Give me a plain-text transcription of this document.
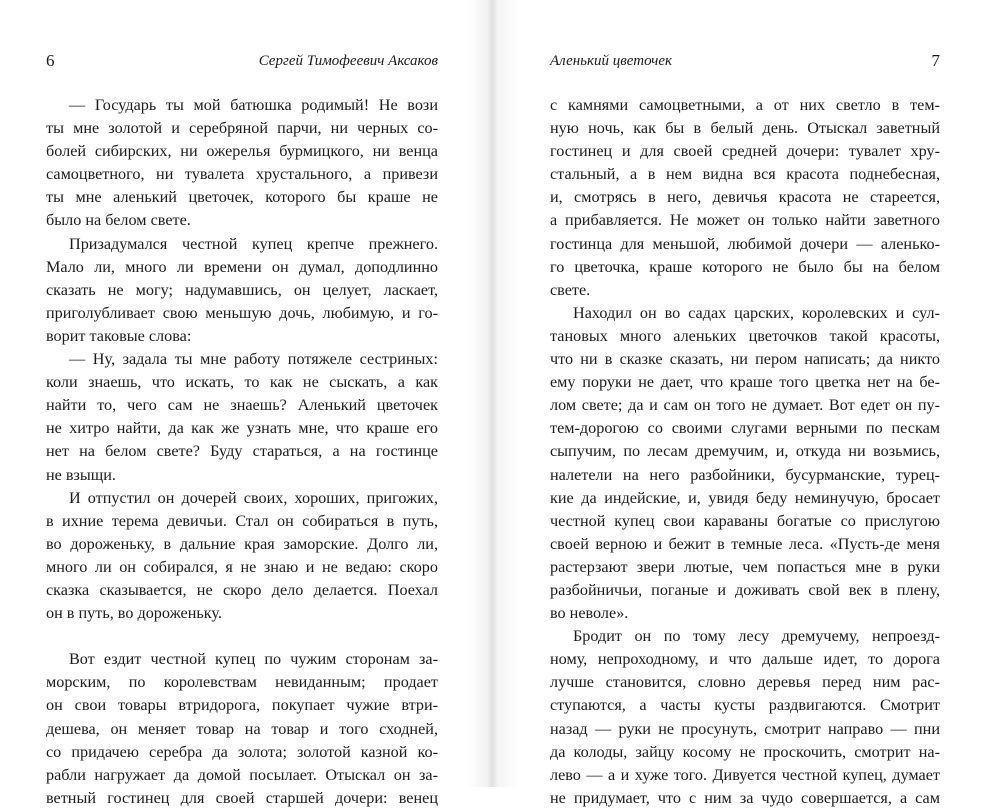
6	Сергей Тимофеевич Аксаков
— Государь ты мой батюшка родимый! Не вози
ты мне золотой и серебряной парчи, ни черных со-
болей сибирских, ни ожерелья бурмицкого, ни венца
самоцветного, ни тувалета хрустального, а привези
ты мне аленький цветочек, которого бы краше не
было на белом свете.
Призадумался честной купец крепче прежнего.
Мало ли, много ли времени он думал, доподлинно
сказать не могу; надумавшись, он целует, ласкает,
приголубливает свою меньшую дочь, любимую, и го-
ворит таковые слова:
— Ну, задала ты мне работу потяжеле сестриных:
коли знаешь, что искать, то как не сыскать, а как
найти то, чего сам не знаешь? Аленький цветочек
не хитро найти, да как же узнать мне, что краше его
нет на белом свете? Буду стараться, а на гостинце
не взыщи.
И отпустил он дочерей своих, хороших, пригожих,
в ихние терема девичьи. Стал он собираться в путь,
во дороженьку, в дальние края заморские. Долго ли,
много ли он собирался, я не знаю и не ведаю: скоро
сказка сказывается, не скоро дело делается. Поехал
он в путь, во дороженьку.
Вот ездит честной купец по чужим сторонам за-
морским, по королевствам невиданным; продает
он свои товары втридорога, покупает чужие втри-
дешева, он меняет товар на товар и того сходней,
со придачею серебра да золота; золотой казной ко-
рабли нагружает да домой посылает. Отыскал он за-
ветный гостинец для своей старшей дочери: венец
Аленький цветочек	7
с камнями самоцветными, а от них светло в тем-
ную ночь, как бы в белый день. Отыскал заветный
гостинец и для своей средней дочери: тувалет хру-
стальный, а в нем видна вся красота поднебесная,
и, смотрясь в него, девичья красота не стареется,
а прибавляется. Не может он только найти заветного
гостинца для меньшой, любимой дочери — аленько-
го цветочка, краше которого не было бы на белом
свете.
Находил он во садах царских, королевских и сул-
тановых много аленьких цветочков такой красоты,
что ни в сказке сказать, ни пером написать; да никто
ему поруки не дает, что краше того цветка нет на бе-
лом свете; да и сам он того не думает. Вот едет он пу-
тем-дорогою со своими слугами верными по пескам
сыпучим, по лесам дремучим, и, откуда ни возьмись,
налетели на него разбойники, бусурманские, турец-
кие да индейские, и, увидя беду неминучую, бросает
честной купец свои караваны богатые со прислугою
своей верною и бежит в темные леса. «Пусть-де меня
растерзают звери лютые, чем попасться мне в руки
разбойничьи, поганые и доживать свой век в плену,
во неволе».
Бродит он по тому лесу дремучему, непроезд-
ному, непроходному, и что дальше идет, то дорога
лучше становится, словно деревья перед ним рас-
ступаются, а часты кусты раздвигаются. Смотрит
назад — руки не просунуть, смотрит направо — пни
да колоды, зайцу косому не проскочить, смотрит на-
лево — а и хуже того. Дивуется честной купец, думает
не придумает, что с ним за чудо совершается, а сам
